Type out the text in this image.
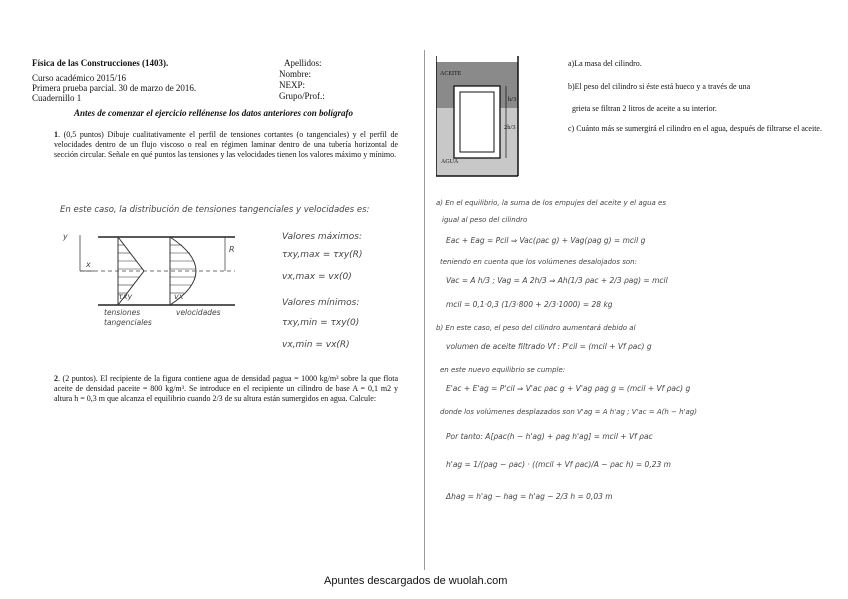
Física de las Construcciones (1403).
Curso académico 2015/16
Primera prueba parcial. 30 de marzo de 2016.
Cuadernillo 1
Apellidos:
Nombre:
NEXP:
Grupo/Prof.:
Antes de comenzar el ejercicio rellénense los datos anteriores con bolígrafo
1. (0,5 puntos) Dibuje cualitativamente el perfil de tensiones cortantes (o tangenciales) y el perfil de velocidades dentro de un flujo viscoso o real en régimen laminar dentro de una tubería horizontal de sección circular. Señale en qué puntos las tensiones y las velocidades tienen los valores máximo y mínimo.
En este caso, la distribución de tensiones tangenciales y velocidades es:
y
x
R
τxy	vx
tensiones tangenciales
velocidades
Valores máximos:
τxy,max = τxy(R)
vx,max = vx(0)
Valores mínimos:
τxy,min = τxy(0)
vx,min = vx(R)
2. (2 puntos). El recipiente de la figura contiene agua de densidad ρagua = 1000 kg/m³ sobre la que flota aceite de densidad ρaceite = 800 kg/m³. Se introduce en el recipiente un cilindro de base A = 0,1 m2 y altura h = 0,3 m que alcanza el equilibrio cuando 2/3 de su altura están sumergidos en agua. Calcule:
ACEITE
AGUA
h/3
2h/3
a)La masa del cilindro.
b)El peso del cilindro si éste está hueco y a través de una
grieta se filtran 2 litros de aceite a su interior.
c) Cuánto más se sumergirá el cilindro en el agua, después de filtrarse el aceite.
a) En el equilibrio, la suma de los empujes del aceite y el agua es
igual al peso del cilindro
Eac + Eag = Pcil ⇒ Vac(ρac g) + Vag(ρag g) = mcil g
teniendo en cuenta que los volúmenes desalojados son:
Vac = A h/3 ; Vag = A 2h/3 ⇒ Ah(1/3 ρac + 2/3 ρag) = mcil
mcil = 0,1·0,3 (1/3·800 + 2/3·1000) = 28 kg
b) En este caso, el peso del cilindro aumentará debido al
volumen de aceite filtrado Vf : P'cil = (mcil + Vf ρac) g
en este nuevo equilibrio se cumple:
E'ac + E'ag = P'cil ⇒ V'ac ρac g + V'ag ρag g = (mcil + Vf ρac) g
donde los volúmenes desplazados son V'ag = A h'ag ; V'ac = A(h − h'ag)
Por tanto: A[ρac(h − h'ag) + ρag h'ag] = mcil + Vf ρac
h'ag = 1/(ρag − ρac) · ((mcil + Vf ρac)/A − ρac h) = 0,23 m
Δhag = h'ag − hag = h'ag − 2/3 h = 0,03 m
Apuntes descargados de wuolah.com
